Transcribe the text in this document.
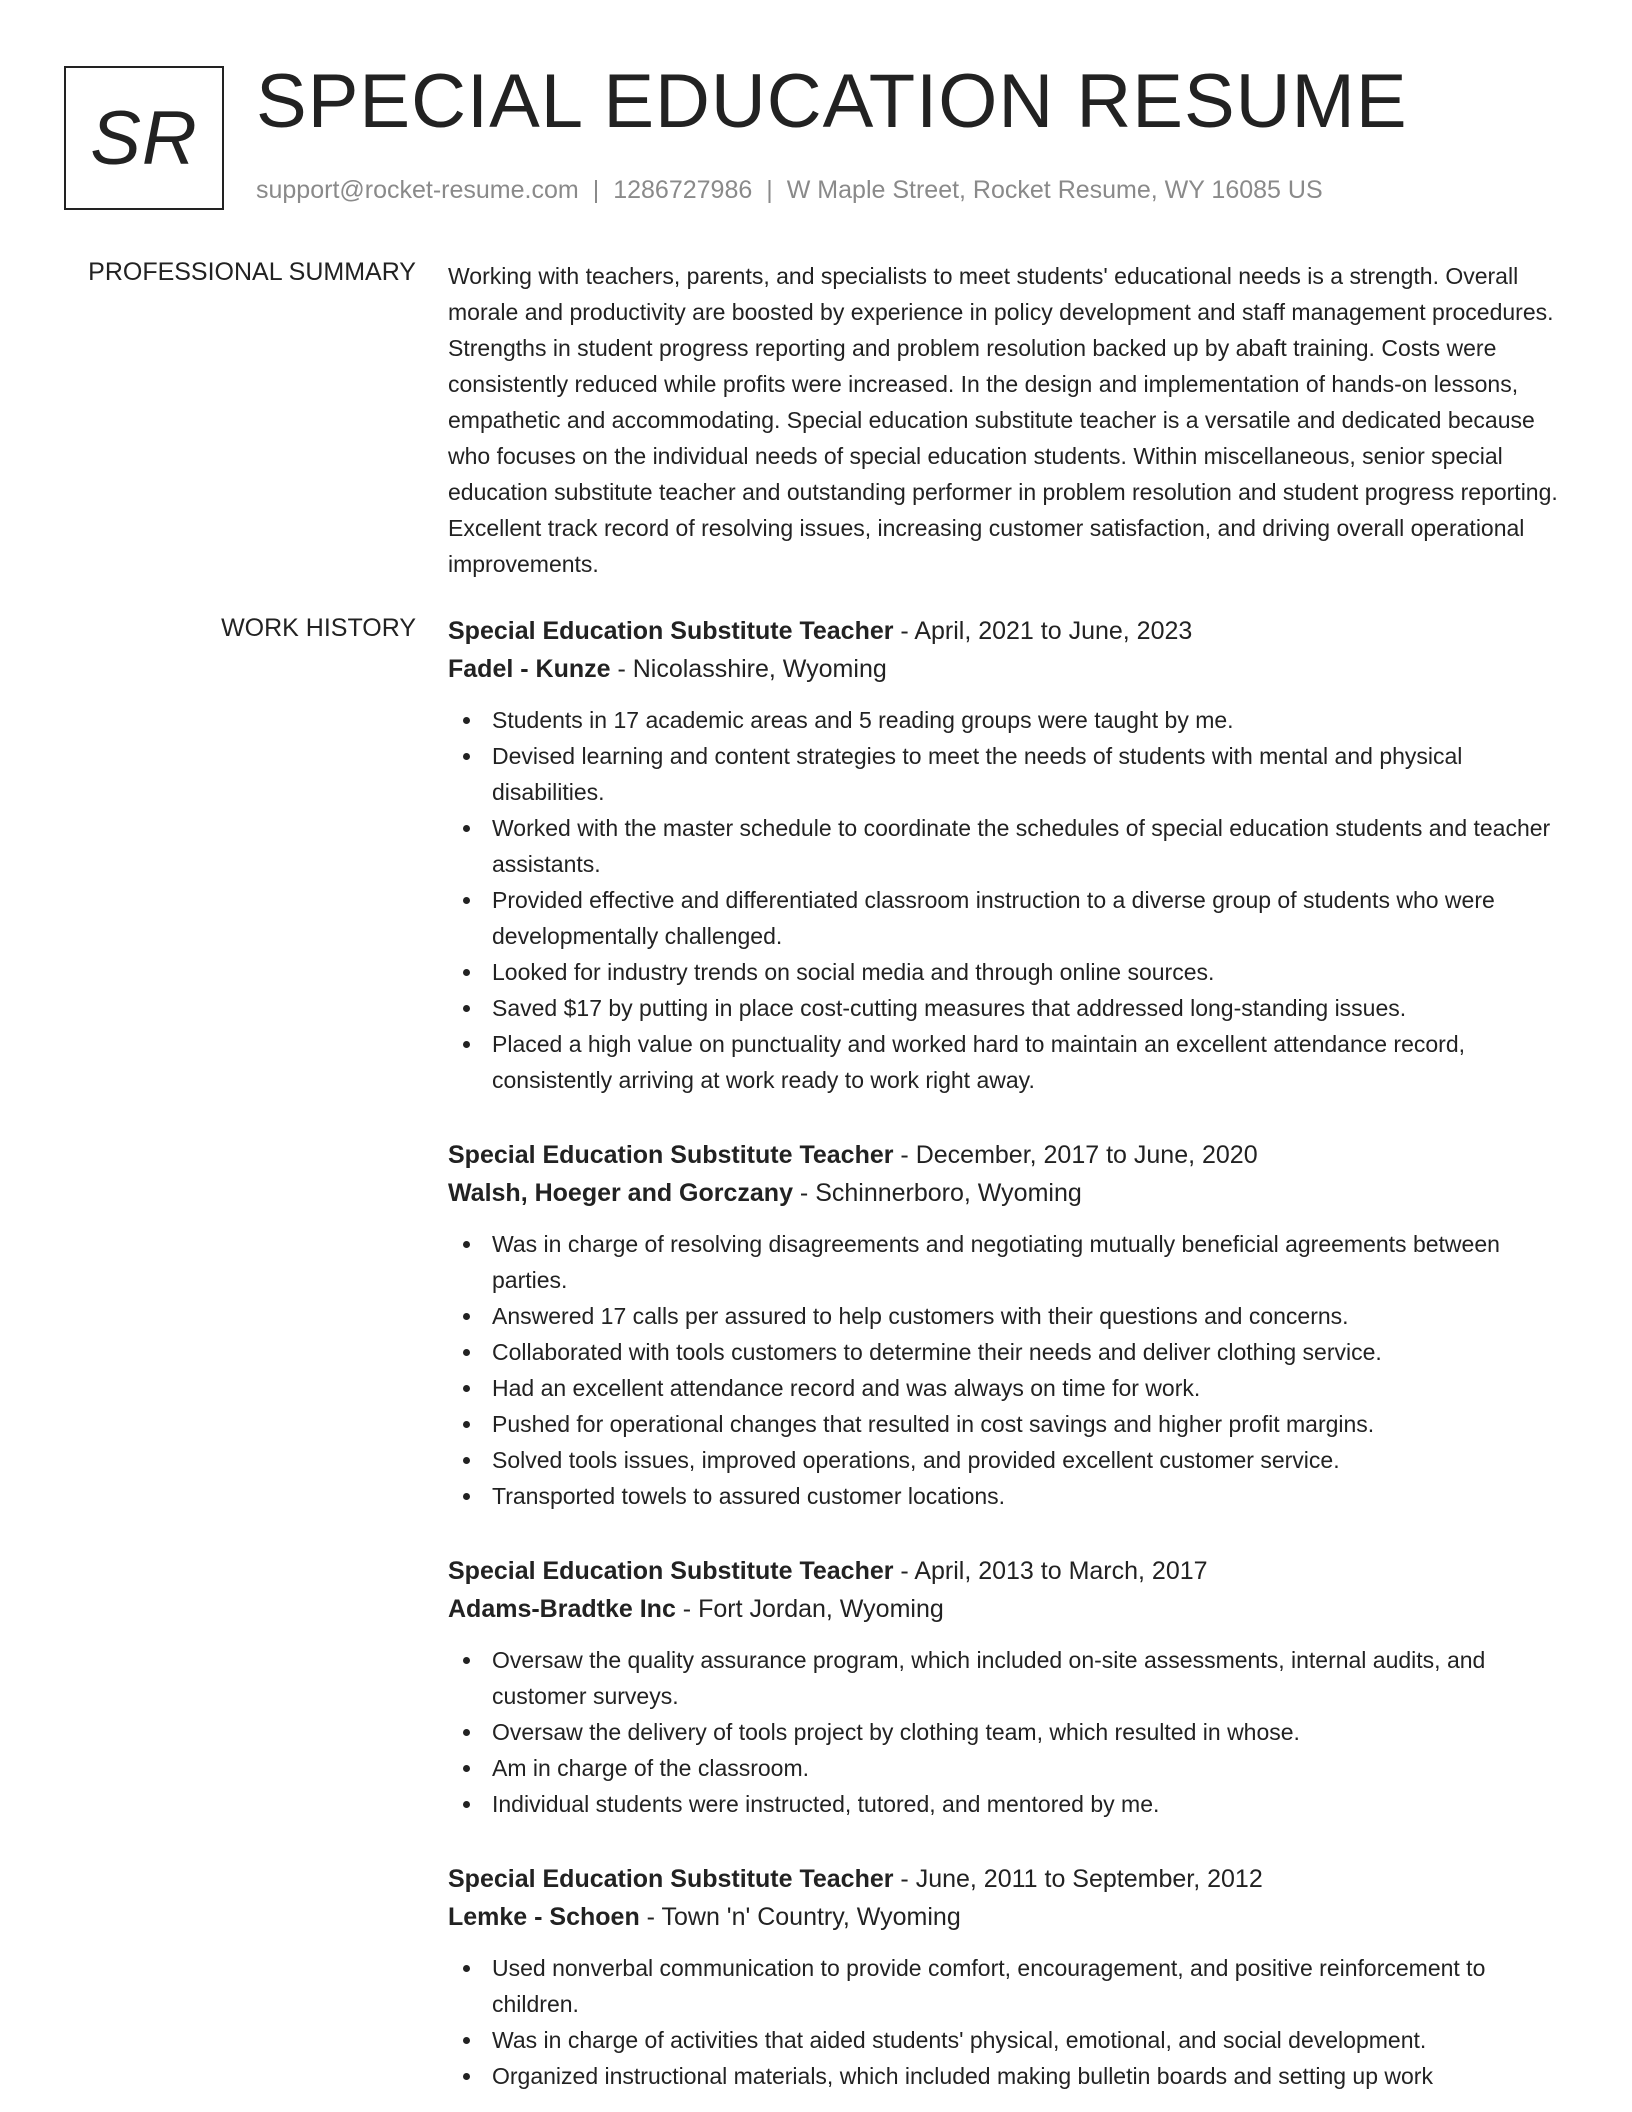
SR SPECIAL EDUCATION RESUME
support@rocket-resume.com | 1286727986 | W Maple Street, Rocket Resume, WY 16085 US
PROFESSIONAL SUMMARY Working with teachers, parents, and specialists to meet students' educational needs is a strength. Overall morale and productivity are boosted by experience in policy development and staff management procedures. Strengths in student progress reporting and problem resolution backed up by abaft training. Costs were consistently reduced while profits were increased. In the design and implementation of hands-on lessons, empathetic and accommodating. Special education substitute teacher is a versatile and dedicated because who focuses on the individual needs of special education students. Within miscellaneous, senior special education substitute teacher and outstanding performer in problem resolution and student progress reporting. Excellent track record of resolving issues, increasing customer satisfaction, and driving overall operational improvements.

WORK HISTORY Special Education Substitute Teacher - April, 2021 to June, 2023
Fadel - Kunze - Nicolasshire, Wyoming
Students in 17 academic areas and 5 reading groups were taught by me.
Devised learning and content strategies to meet the needs of students with mental and physical disabilities.
Worked with the master schedule to coordinate the schedules of special education students and teacher assistants.
Provided effective and differentiated classroom instruction to a diverse group of students who were developmentally challenged.
Looked for industry trends on social media and through online sources.
Saved $17 by putting in place cost-cutting measures that addressed long-standing issues.
Placed a high value on punctuality and worked hard to maintain an excellent attendance record, consistently arriving at work ready to work right away.
Special Education Substitute Teacher - December, 2017 to June, 2020
Walsh, Hoeger and Gorczany - Schinnerboro, Wyoming
Was in charge of resolving disagreements and negotiating mutually beneficial agreements between parties.
Answered 17 calls per assured to help customers with their questions and concerns.
Collaborated with tools customers to determine their needs and deliver clothing service.
Had an excellent attendance record and was always on time for work.
Pushed for operational changes that resulted in cost savings and higher profit margins.
Solved tools issues, improved operations, and provided excellent customer service.
Transported towels to assured customer locations.
Special Education Substitute Teacher - April, 2013 to March, 2017
Adams-Bradtke Inc - Fort Jordan, Wyoming
Oversaw the quality assurance program, which included on-site assessments, internal audits, and customer surveys.
Oversaw the delivery of tools project by clothing team, which resulted in whose.
Am in charge of the classroom.
Individual students were instructed, tutored, and mentored by me.
Special Education Substitute Teacher - June, 2011 to September, 2012
Lemke - Schoen - Town 'n' Country, Wyoming
Used nonverbal communication to provide comfort, encouragement, and positive reinforcement to children.
Was in charge of activities that aided students' physical, emotional, and social development.
Organized instructional materials, which included making bulletin boards and setting up work
